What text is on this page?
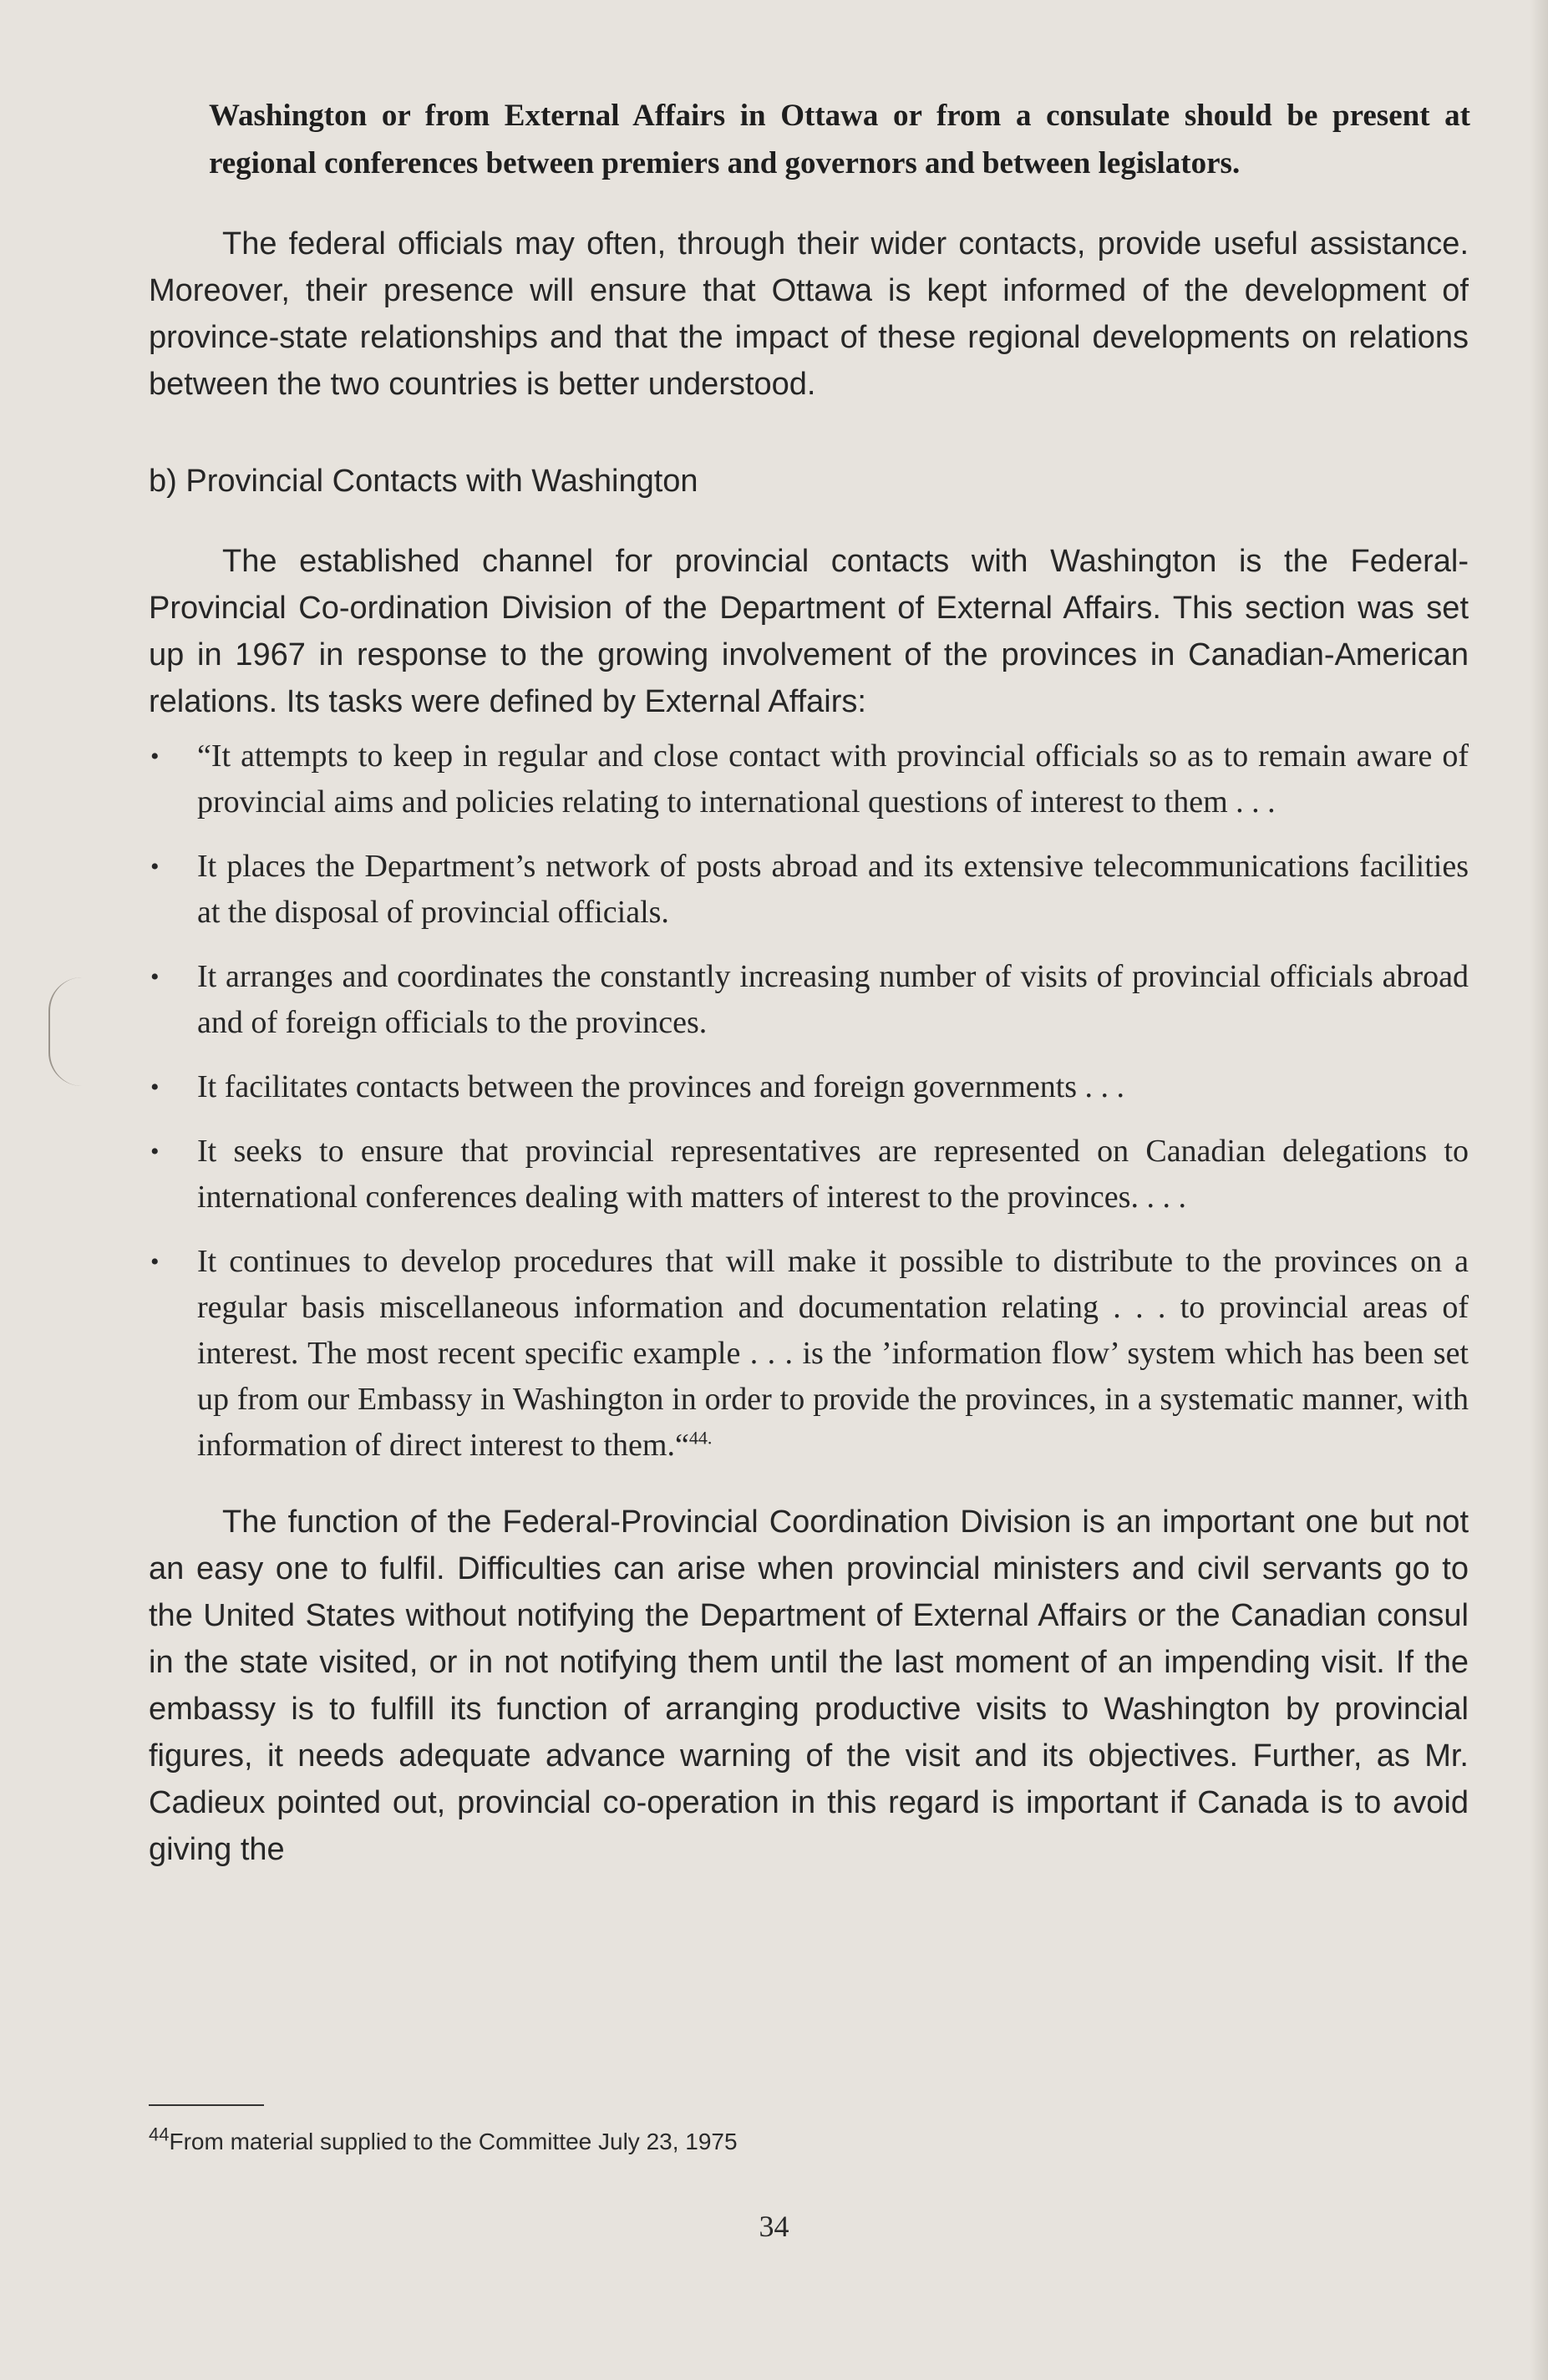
Washington or from External Affairs in Ottawa or from a consulate should be present at regional conferences between premiers and governors and between legislators.

The federal officials may often, through their wider contacts, provide useful assistance. Moreover, their presence will ensure that Ottawa is kept informed of the development of province-state relationships and that the impact of these regional developments on relations between the two countries is better understood.

b) Provincial Contacts with Washington

The established channel for provincial contacts with Washington is the Federal-Provincial Co-ordination Division of the Department of External Affairs. This section was set up in 1967 in response to the growing involvement of the provinces in Canadian-American relations. Its tasks were defined by External Affairs:

• “It attempts to keep in regular and close contact with provincial officials so as to remain aware of provincial aims and policies relating to international questions of interest to them . . .
• It places the Department’s network of posts abroad and its extensive telecommunications facilities at the disposal of provincial officials.
• It arranges and coordinates the constantly increasing number of visits of provincial officials abroad and of foreign officials to the provinces.
• It facilitates contacts between the provinces and foreign governments . . .
• It seeks to ensure that provincial representatives are represented on Canadian delegations to international conferences dealing with matters of interest to the provinces. . . .
• It continues to develop procedures that will make it possible to distribute to the provinces on a regular basis miscellaneous information and documentation relating . . . to provincial areas of interest. The most recent specific example . . . is the ’information flow’ system which has been set up from our Embassy in Washington in order to provide the provinces, in a systematic manner, with information of direct interest to them.“$^{44.}$

The function of the Federal-Provincial Coordination Division is an important one but not an easy one to fulfil. Difficulties can arise when provincial ministers and civil servants go to the United States without notifying the Department of External Affairs or the Canadian consul in the state visited, or in not notifying them until the last moment of an impending visit. If the embassy is to fulfill its function of arranging productive visits to Washington by provincial figures, it needs adequate advance warning of the visit and its objectives. Further, as Mr. Cadieux pointed out, provincial co-operation in this regard is important if Canada is to avoid giving the

$^{44}$From material supplied to the Committee July 23, 1975
34
